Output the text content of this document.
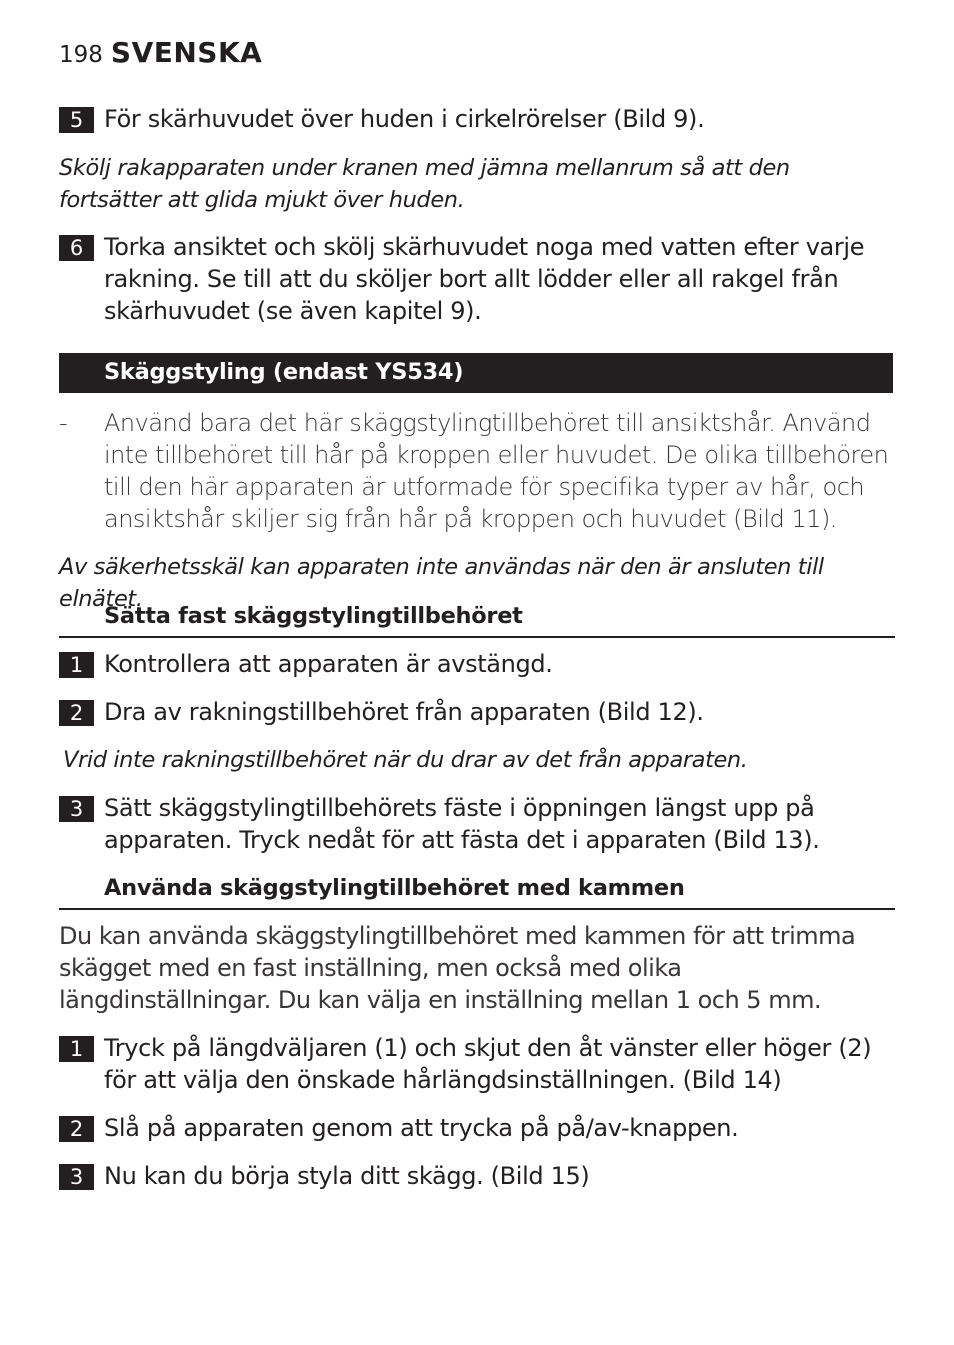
198 SVENSKA
5 För skärhuvudet över huden i cirkelrörelser (Bild 9).
Skölj rakapparaten under kranen med jämna mellanrum så att den fortsätter att glida mjukt över huden.
6 Torka ansiktet och skölj skärhuvudet noga med vatten efter varje rakning. Se till att du sköljer bort allt lödder eller all rakgel från skärhuvudet (se även kapitel 9).
Skäggstyling (endast YS534)
- Använd bara det här skäggstylingtillbehöret till ansiktshår. Använd inte tillbehöret till hår på kroppen eller huvudet. De olika tillbehören till den här apparaten är utformade för specifika typer av hår, och ansiktshår skiljer sig från hår på kroppen och huvudet (Bild 11).
Av säkerhetsskäl kan apparaten inte användas när den är ansluten till elnätet.
Sätta fast skäggstylingtillbehöret
1 Kontrollera att apparaten är avstängd.
2 Dra av rakningstillbehöret från apparaten (Bild 12).
Vrid inte rakningstillbehöret när du drar av det från apparaten.
3 Sätt skäggstylingtillbehörets fäste i öppningen längst upp på apparaten. Tryck nedåt för att fästa det i apparaten (Bild 13).
Använda skäggstylingtillbehöret med kammen
Du kan använda skäggstylingtillbehöret med kammen för att trimma skägget med en fast inställning, men också med olika längdinställningar. Du kan välja en inställning mellan 1 och 5 mm.
1 Tryck på längdväljaren (1) och skjut den åt vänster eller höger (2) för att välja den önskade hårlängdsinställningen. (Bild 14)
2 Slå på apparaten genom att trycka på på/av-knappen.
3 Nu kan du börja styla ditt skägg. (Bild 15)
